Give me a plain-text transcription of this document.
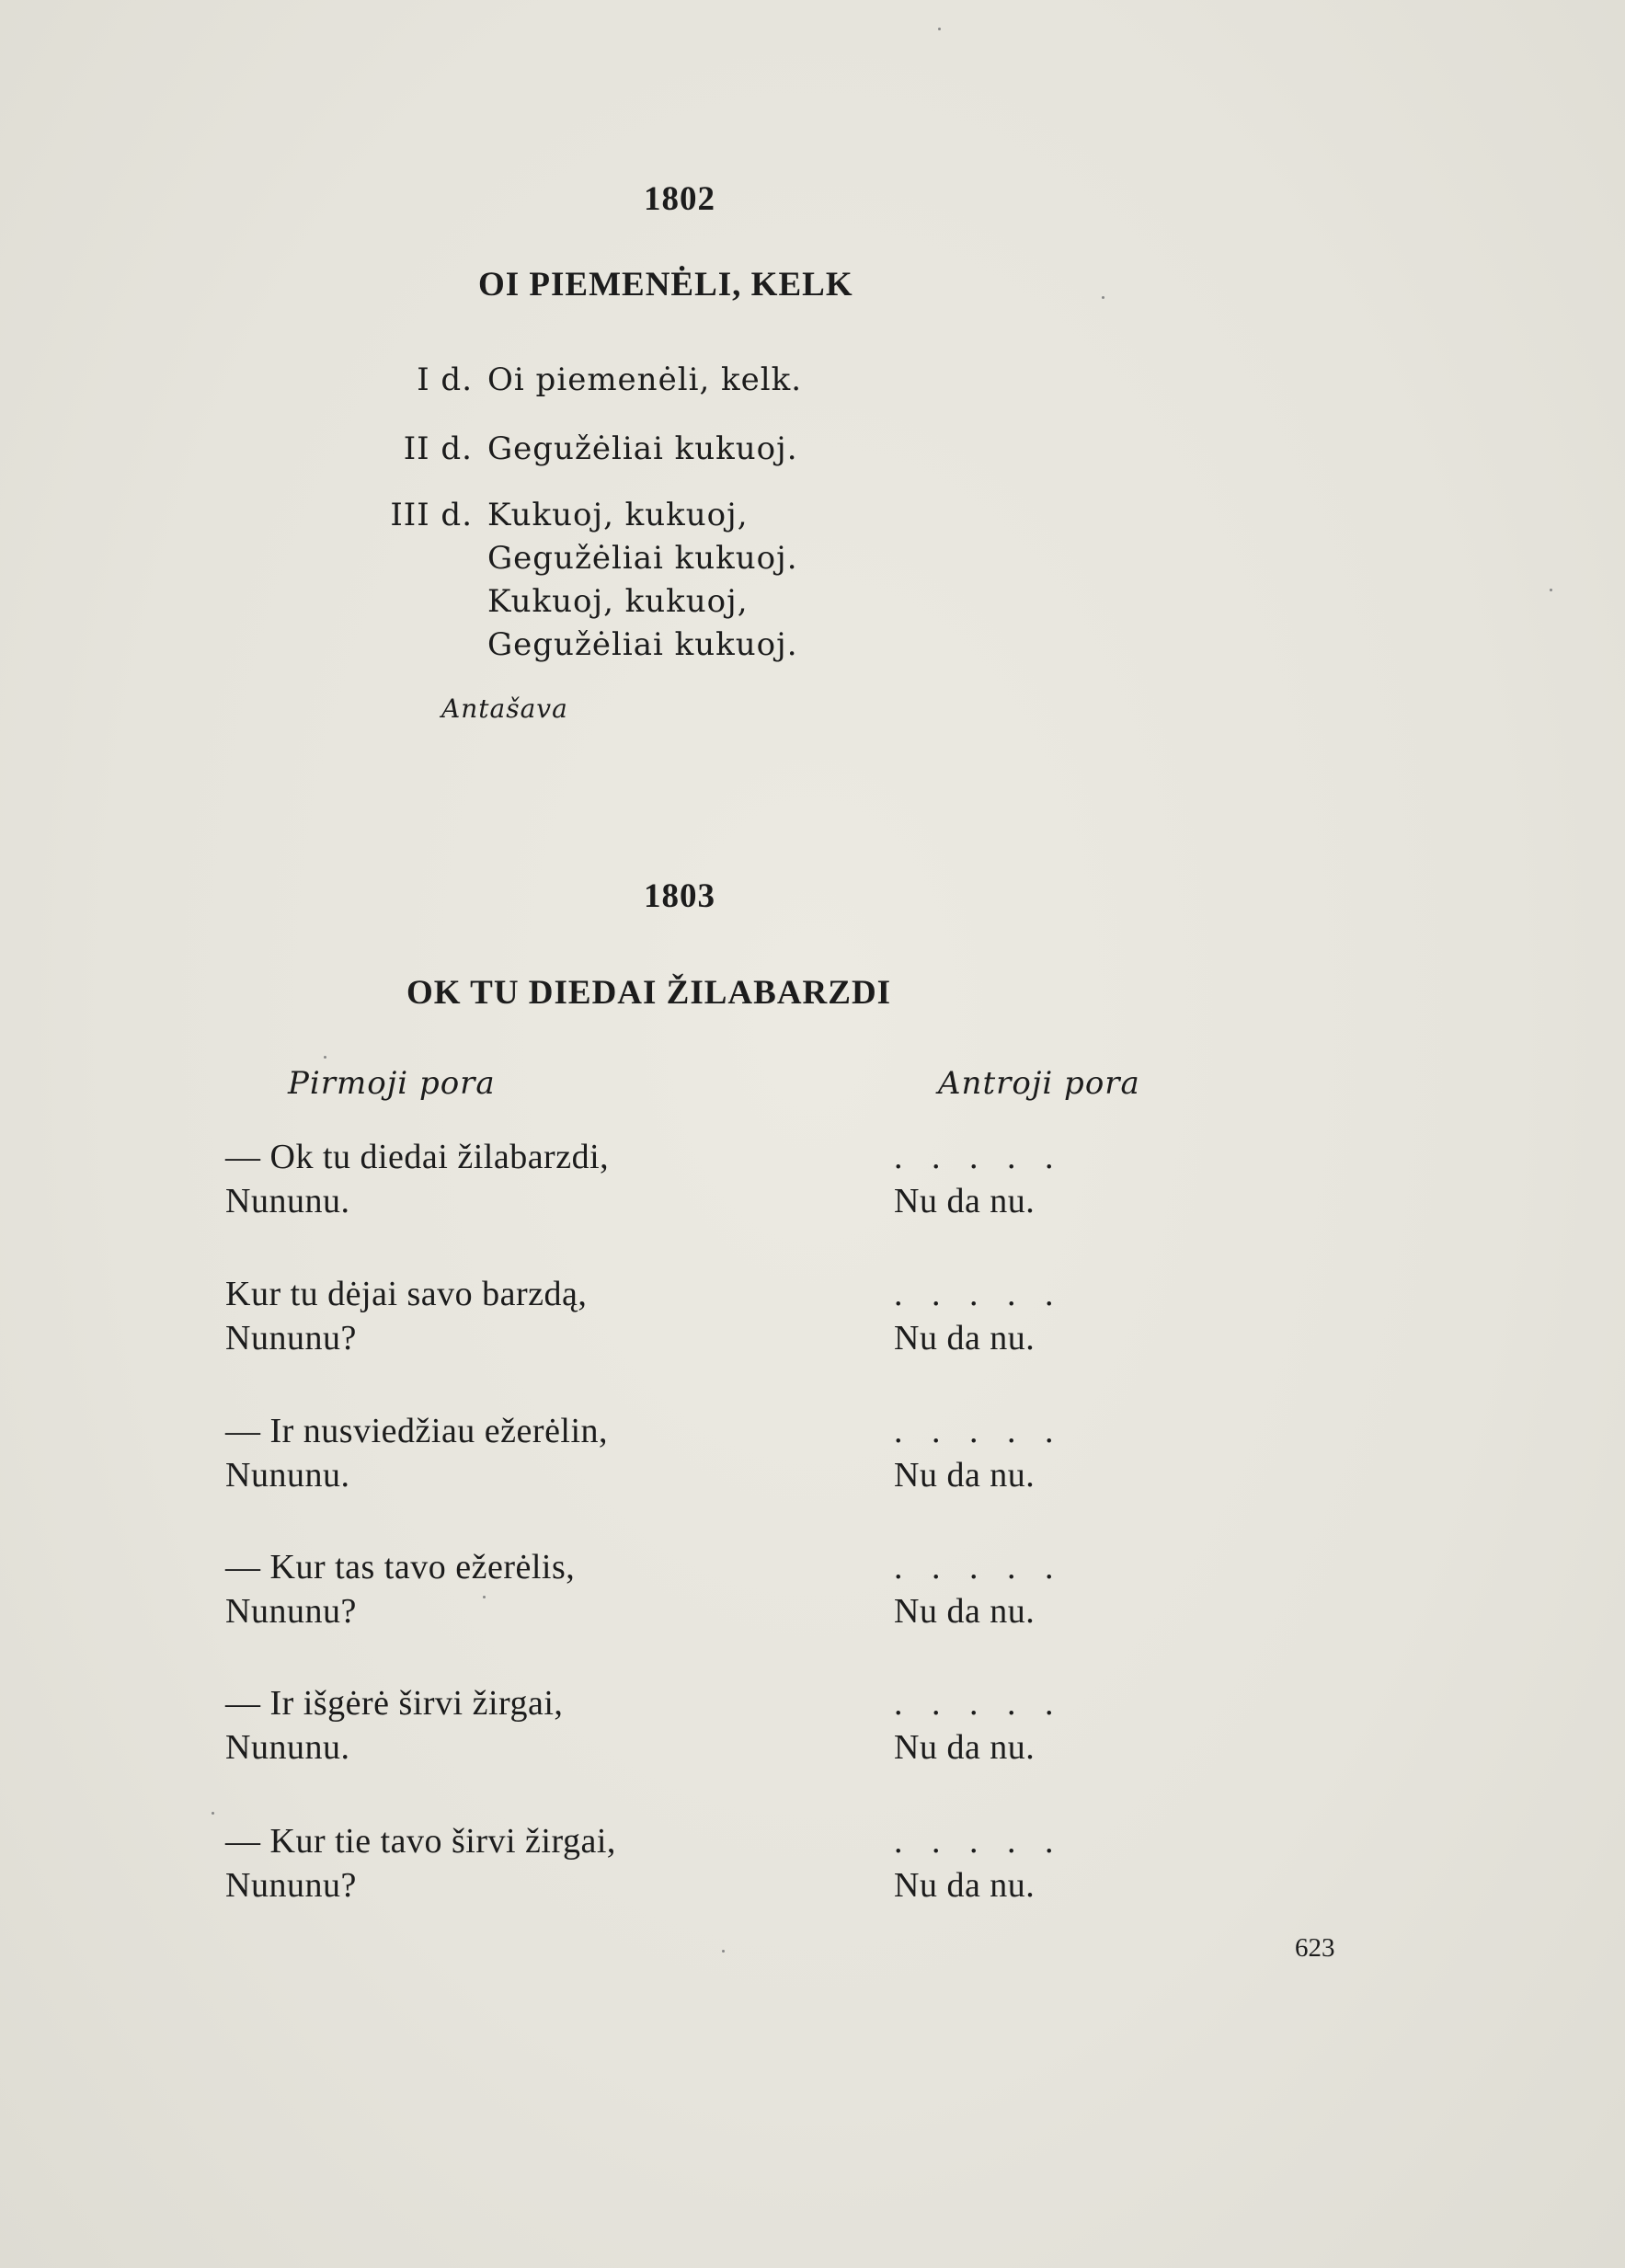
1802
OI PIEMENĖLI, KELK
I d. Oi piemenėli, kelk.
II d. Gegužėliai kukuoj.
III d. Kukuoj, kukuoj,
Gegužėliai kukuoj.
Kukuoj, kukuoj,
Gegužėliai kukuoj.
Antašava
1803
OK TU DIEDAI ŽILABARZDI
Pirmoji pora	Antroji pora
— Ok tu diedai žilabarzdi,
Nununu.
. . . . .
Nu da nu.
Kur tu dėjai savo barzdą,
Nununu?
. . . . .
Nu da nu.
— Ir nusviedžiau ežerėlin,
Nununu.
. . . . .
Nu da nu.
— Kur tas tavo ežerėlis,
Nununu?
. . . . .
Nu da nu.
— Ir išgėrė širvi žirgai,
Nununu.
. . . . .
Nu da nu.
— Kur tie tavo širvi žirgai,
Nununu?
. . . . .
Nu da nu.
623
